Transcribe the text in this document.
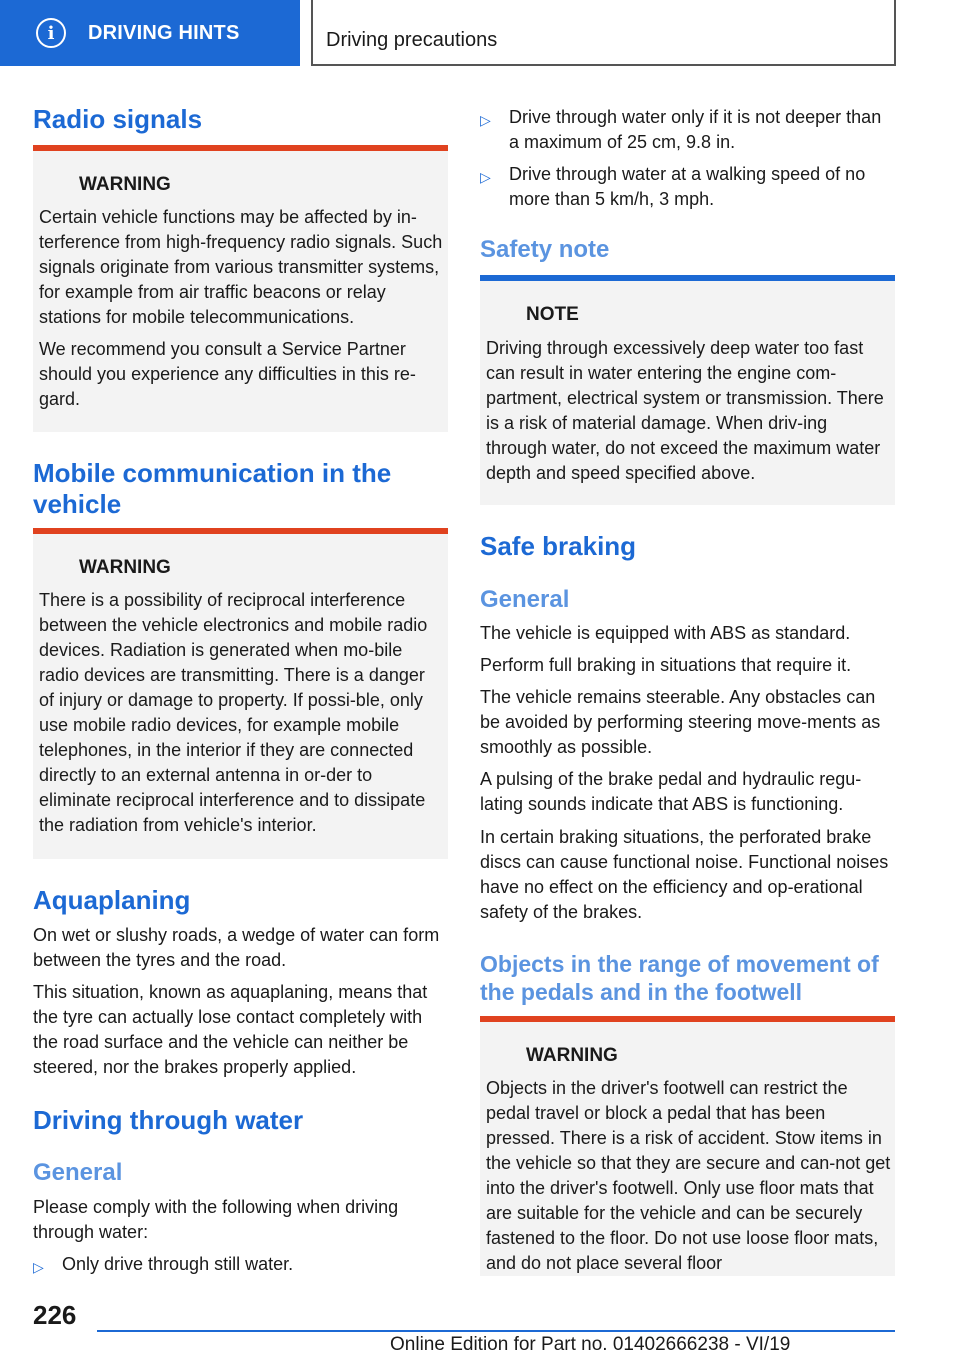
i	DRIVING HINTS	Driving precautions
Radio signals
WARNING

Certain vehicle functions may be affected by in-terference from high-frequency radio signals. Such signals originate from various transmitter systems, for example from air traffic beacons or relay stations for mobile telecommunications.

We recommend you consult a Service Partner should you experience any difficulties in this re-gard.

Mobile communication in the vehicle
WARNING

There is a possibility of reciprocal interference between the vehicle electronics and mobile radio devices. Radiation is generated when mo-bile radio devices are transmitting. There is a danger of injury or damage to property. If possi-ble, only use mobile radio devices, for example mobile telephones, in the interior if they are connected directly to an external antenna in or-der to eliminate reciprocal interference and to dissipate the radiation from vehicle's interior.

Aquaplaning

On wet or slushy roads, a wedge of water can form between the tyres and the road.

This situation, known as aquaplaning, means that the tyre can actually lose contact completely with the road surface and the vehicle can neither be steered, nor the brakes properly applied.

Driving through water
General

Please comply with the following when driving through water:

▷ Only drive through still water.
▷ Drive through water only if it is not deeper than a maximum of 25 cm, 9.8 in.
▷ Drive through water at a walking speed of no more than 5 km/h, 3 mph.
Safety note
NOTE

Driving through excessively deep water too fast can result in water entering the engine com-partment, electrical system or transmission. There is a risk of material damage. When driv-ing through water, do not exceed the maximum water depth and speed specified above.

Safe braking
General

The vehicle is equipped with ABS as standard.

Perform full braking in situations that require it.

The vehicle remains steerable. Any obstacles can be avoided by performing steering move-ments as smoothly as possible.

A pulsing of the brake pedal and hydraulic regu-lating sounds indicate that ABS is functioning.

In certain braking situations, the perforated brake discs can cause functional noise. Functional noises have no effect on the efficiency and op-erational safety of the brakes.

Objects in the range of movement of the pedals and in the footwell
WARNING

Objects in the driver's footwell can restrict the pedal travel or block a pedal that has been pressed. There is a risk of accident. Stow items in the vehicle so that they are secure and can-not get into the driver's footwell. Only use floor mats that are suitable for the vehicle and can be securely fastened to the floor. Do not use loose floor mats, and do not place several floor

226
Online Edition for Part no. 01402666238 - VI/19
